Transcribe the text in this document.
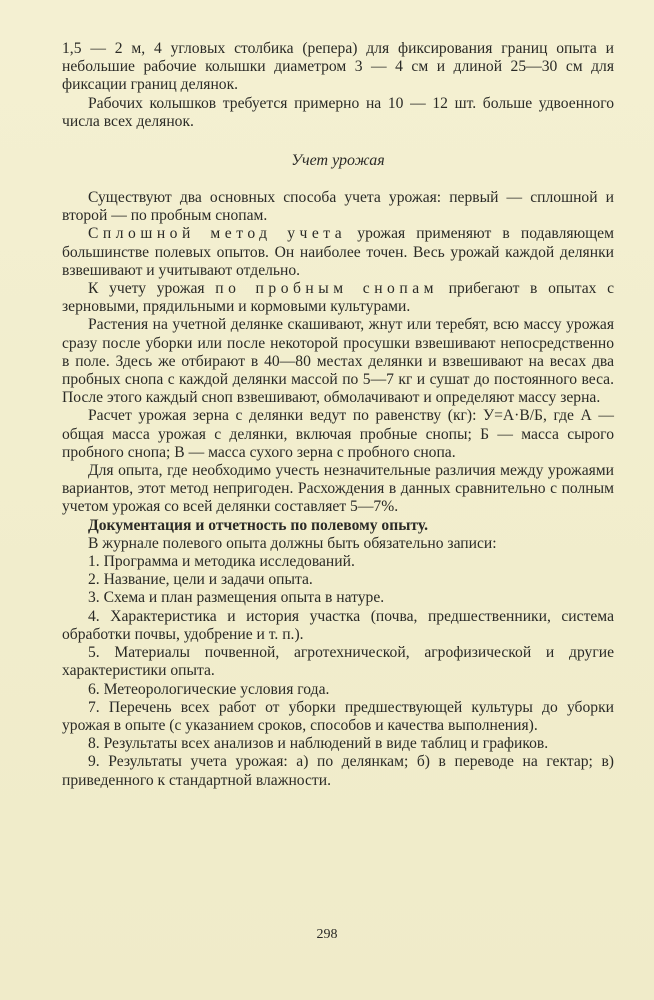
1,5 — 2 м, 4 угловых столбика (репера) для фиксирования границ опыта и небольшие рабочие колышки диаметром 3 — 4 см и длиной 25—30 см для фиксации границ делянок.

Рабочих колышков требуется примерно на 10 — 12 шт. больше удвоенного числа всех делянок.

Учет урожая

Существуют два основных способа учета урожая: первый — сплошной и второй — по пробным снопам.

Сплошной метод учета урожая применяют в подавляющем большинстве полевых опытов. Он наиболее точен. Весь урожай каждой делянки взвешивают и учитывают отдельно.

К учету урожая по пробным снопам прибегают в опытах с зерновыми, прядильными и кормовыми культурами.

Растения на учетной делянке скашивают, жнут или теребят, всю массу урожая сразу после уборки или после некоторой просушки взвешивают непосредственно в поле. Здесь же отбирают в 40—80 местах делянки и взвешивают на весах два пробных снопа с каждой делянки массой по 5—7 кг и сушат до постоянного веса. После этого каждый сноп взвешивают, обмолачивают и определяют массу зерна.

Расчет урожая зерна с делянки ведут по равенству (кг): У=А·В/Б, где А — общая масса урожая с делянки, включая пробные снопы; Б — масса сырого пробного снопа; В — масса сухого зерна с пробного снопа.

Для опыта, где необходимо учесть незначительные различия между урожаями вариантов, этот метод непригоден. Расхождения в данных сравнительно с полным учетом урожая со всей делянки составляет 5—7%.

Документация и отчетность по полевому опыту.

В журнале полевого опыта должны быть обязательно записи:

1. Программа и методика исследований.

2. Название, цели и задачи опыта.

3. Схема и план размещения опыта в натуре.

4. Характеристика и история участка (почва, предшественники, система обработки почвы, удобрение и т. п.).

5. Материалы почвенной, агротехнической, агрофизической и другие характеристики опыта.

6. Метеорологические условия года.

7. Перечень всех работ от уборки предшествующей культуры до уборки урожая в опыте (с указанием сроков, способов и качества выполнения).

8. Результаты всех анализов и наблюдений в виде таблиц и графиков.

9. Результаты учета урожая: а) по делянкам; б) в переводе на гектар; в) приведенного к стандартной влажности.

298
